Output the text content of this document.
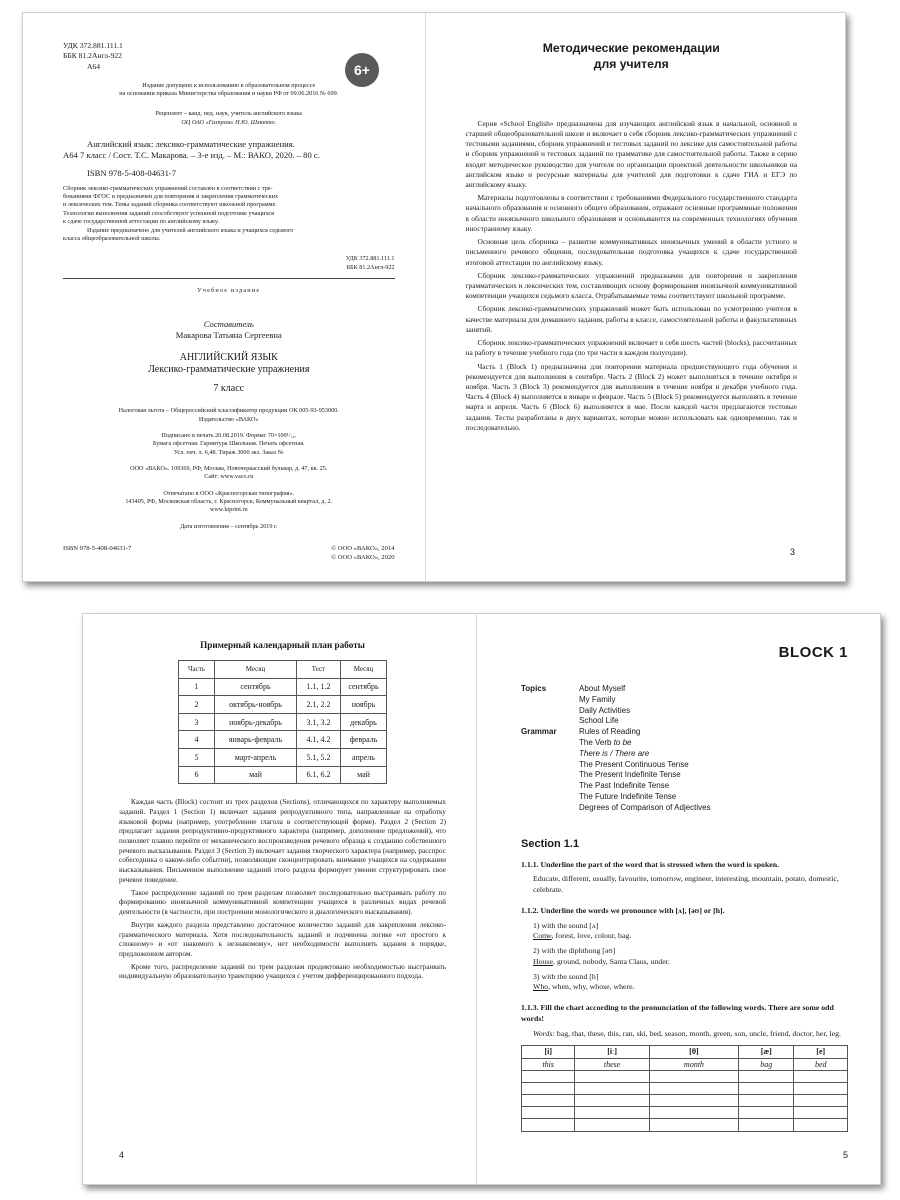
УДК 372.881.111.1
ББК 81.2Англ-922
А64	6+
Издание допущено к использованию в образовательном процессе
на основании приказа Министерства образования и науки РФ от 09.06.2016 № 699.
Рецензент – канд. пед. наук, учитель английского языка
ОЦ ОАО «Газпром» Н.Ю. Шматкo.
Английский язык: лексико-грамматические упражнения.
А64 7 класс / Сост. Т.С. Макарова. – 3-е изд. – М.: ВАКО, 2020. – 80 с.
ISBN 978-5-408-04631-7
Сборник лексико-грамматических упражнений составлен в соответствии с тре-
бованиями ФГОС и предназначен для повторения и закрепления грамматических
и лексических тем. Темы заданий сборника соответствуют школьной программе.
Технологии выполнения заданий способствуют успешной подготовке учащихся
к сдаче государственной аттестации по английскому языку.
Издание предназначено для учителей английского языка и учащихся седьмого
класса общеобразовательной школы.
УДК 372.881.111.1
ББК 81.2Англ-922
Учебное издание
Составитель
Макарова Татьяна Сергеевна
АНГЛИЙСКИЙ ЯЗЫК
Лексико-грамматические упражнения
7 класс
Налоговая льгота – Общероссийский классификатор продукции ОК 005-93-953000.
Издательство «ВАКО»
Подписано в печать 20.08.2019. Формат 70×100¹/₁₆.
Бумага офсетная. Гарнитура Школьная. Печать офсетная.
Усл. печ. л. 6,48. Тираж 3000 экз. Заказ №
ООО «ВАКО». 109369, РФ, Москва, Новочеркасский бульвар, д. 47, кв. 25.
Сайт: www.vaco.ru
Отпечатано в ООО «Красногорская типография».
143405, РФ, Московская область, г. Красногорск, Коммунальный квартал, д. 2.
www.ktprint.ru
Дата изготовления – сентябрь 2019 г.
ISBN 978-5-408-04631-7	© ООО «ВАКО», 2014
© ООО «ВАКО», 2020
Методические рекомендации
для учителя

Серия «School English» предназначена для изучающих английский язык в начальной, основной и старшей общеобразовательной школе и включает в себя сборник лексико-грамматических упражнений с тестовыми заданиями, сборник упражнений и тестовых заданий по лексике для самостоятельной работы и сборник упражнений и тестовых заданий по грамматике для самостоятельной работы. Также в серию входят методическое руководство для учителя по организации проектной деятельности школьников на английском языке и ресурсные материалы для учителей для подготовки к сдаче ГИА и ЕГЭ по английскому языку.

Материалы подготовлены в соответствии с требованиями Федерального государственного стандарта начального образования и основного общего образования, отражают основные программные положения в области иноязычного школьного образования и основываются на современных технологиях обучения иностранному языку.

Основная цель сборника – развитие коммуникативных иноязычных умений в области устного и письменного речевого общения, последовательная подготовка учащихся к сдаче государственной итоговой аттестации по английскому языку.

Сборник лексико-грамматических упражнений предназначен для повторения и закрепления грамматических и лексических тем, составляющих основу формирования иноязычной коммуникативной компетенции учащихся седьмого класса. Отрабатываемые темы соответствуют школьной программе.

Сборник лексико-грамматических упражнений может быть использован по усмотрению учителя в качестве материала для домашнего задания, работы в классе, самостоятельной работы и факультативных занятий.

Сборник лексико-грамматических упражнений включает в себя шесть частей (blocks), рассчитанных на работу в течение учебного года (по три части в каждом полугодии).

Часть 1 (Block 1) предназначена для повторения материала предшествующего года обучения и рекомендуется для выполнения в сентябре. Часть 2 (Block 2) может выполняться в течение октября и ноября. Часть 3 (Block 3) рекомендуется для выполнения в течение ноября и декабря учебного года. Часть 4 (Block 4) выполняется в январе и феврале. Часть 5 (Block 5) рекомендуется выполнять в течение марта и апреля. Часть 6 (Block 6) выполняется в мае. После каждой части предлагаются тестовые задания. Тесты разработаны в двух вариантах, которые можно использовать как одновременно, так и последовательно.

3
Примерный календарный план работы
Часть	Месяц	Тест	Месяц
1	сентябрь	1.1, 1.2	сентябрь
2	октябрь-ноябрь	2.1, 2.2	ноябрь
3	ноябрь-декабрь	3.1, 3.2	декабрь
4	январь-февраль	4.1, 4.2	февраль
5	март-апрель	5.1, 5.2	апрель
6	май	6.1, 6.2	май

Каждая часть (Block) состоит из трех разделов (Sections), отличающихся по характеру выполняемых заданий. Раздел 1 (Section 1) включает задания репродуктивного типа, направленные на отработку языковой формы (например, употребление глагола в соответствующей форме). Раздел 2 (Section 2) предлагает задания репродуктивно-продуктивного характера (например, дополнение предложений), что позволяет плавно перейти от механического воспроизведения речевого образца к созданию собственного речевого высказывания. Раздел 3 (Section 3) включает задания творческого характера (например, расспрос собеседника о каком-либо событии), позволяющие сконцентрировать внимание учащихся на содержании высказывания. Письменное выполнение заданий этого раздела формирует умение структурировать свое речевое поведение.

Такое распределение заданий по трем разделам позволяет последовательно выстраивать работу по формированию иноязычной коммуникативной компетенции учащихся в различных видах речевой деятельности (в частности, при построении монологического и диалогического высказывания).

Внутри каждого раздела представлено достаточное количество заданий для закрепления лексико-грамматического материала. Хотя последовательность заданий и подчинена логике «от простого к сложному» и «от знакомого к незнакомому», нет необходимости выполнять задания в порядке, предложенном автором.

Кроме того, распределение заданий по трем разделам продиктовано необходимостью выстраивать индивидуальную образовательную траекторию учащихся с учетом дифференцированного подхода.

4
BLOCK 1
Topics	About Myself
My Family
Daily Activities
School Life
Grammar	Rules of Reading
The Verb to be
There is / There are
The Present Continuous Tense
The Present Indefinite Tense
The Past Indefinite Tense
The Future Indefinite Tense
Degrees of Comparison of Adjectives
Section 1.1
1.1.1. Underline the part of the word that is stressed when the word is spoken.
Educate, different, usually, favourite, tomorrow, engineer, interesting, mountain, potato, domestic, celebrate.
1.1.2. Underline the words we pronounce with [ʌ], [əʊ] or [h].
1) with the sound [ʌ]
Come, forest, love, colour, bag.
2) with the diphthong [əʊ]
House, ground, nobody, Santa Claus, under.
3) with the sound [h]
Who, when, why, whose, where.
1.1.3. Fill the chart according to the pronunciation of the following words. There are some odd words!
Words: bag, that, these, this, ran, ski, bed, season, month, green, son, uncle, friend, doctor, her, leg.
[i]	[iː]	[θ]	[æ]	[e]
this	these	month	bag	bed

5
